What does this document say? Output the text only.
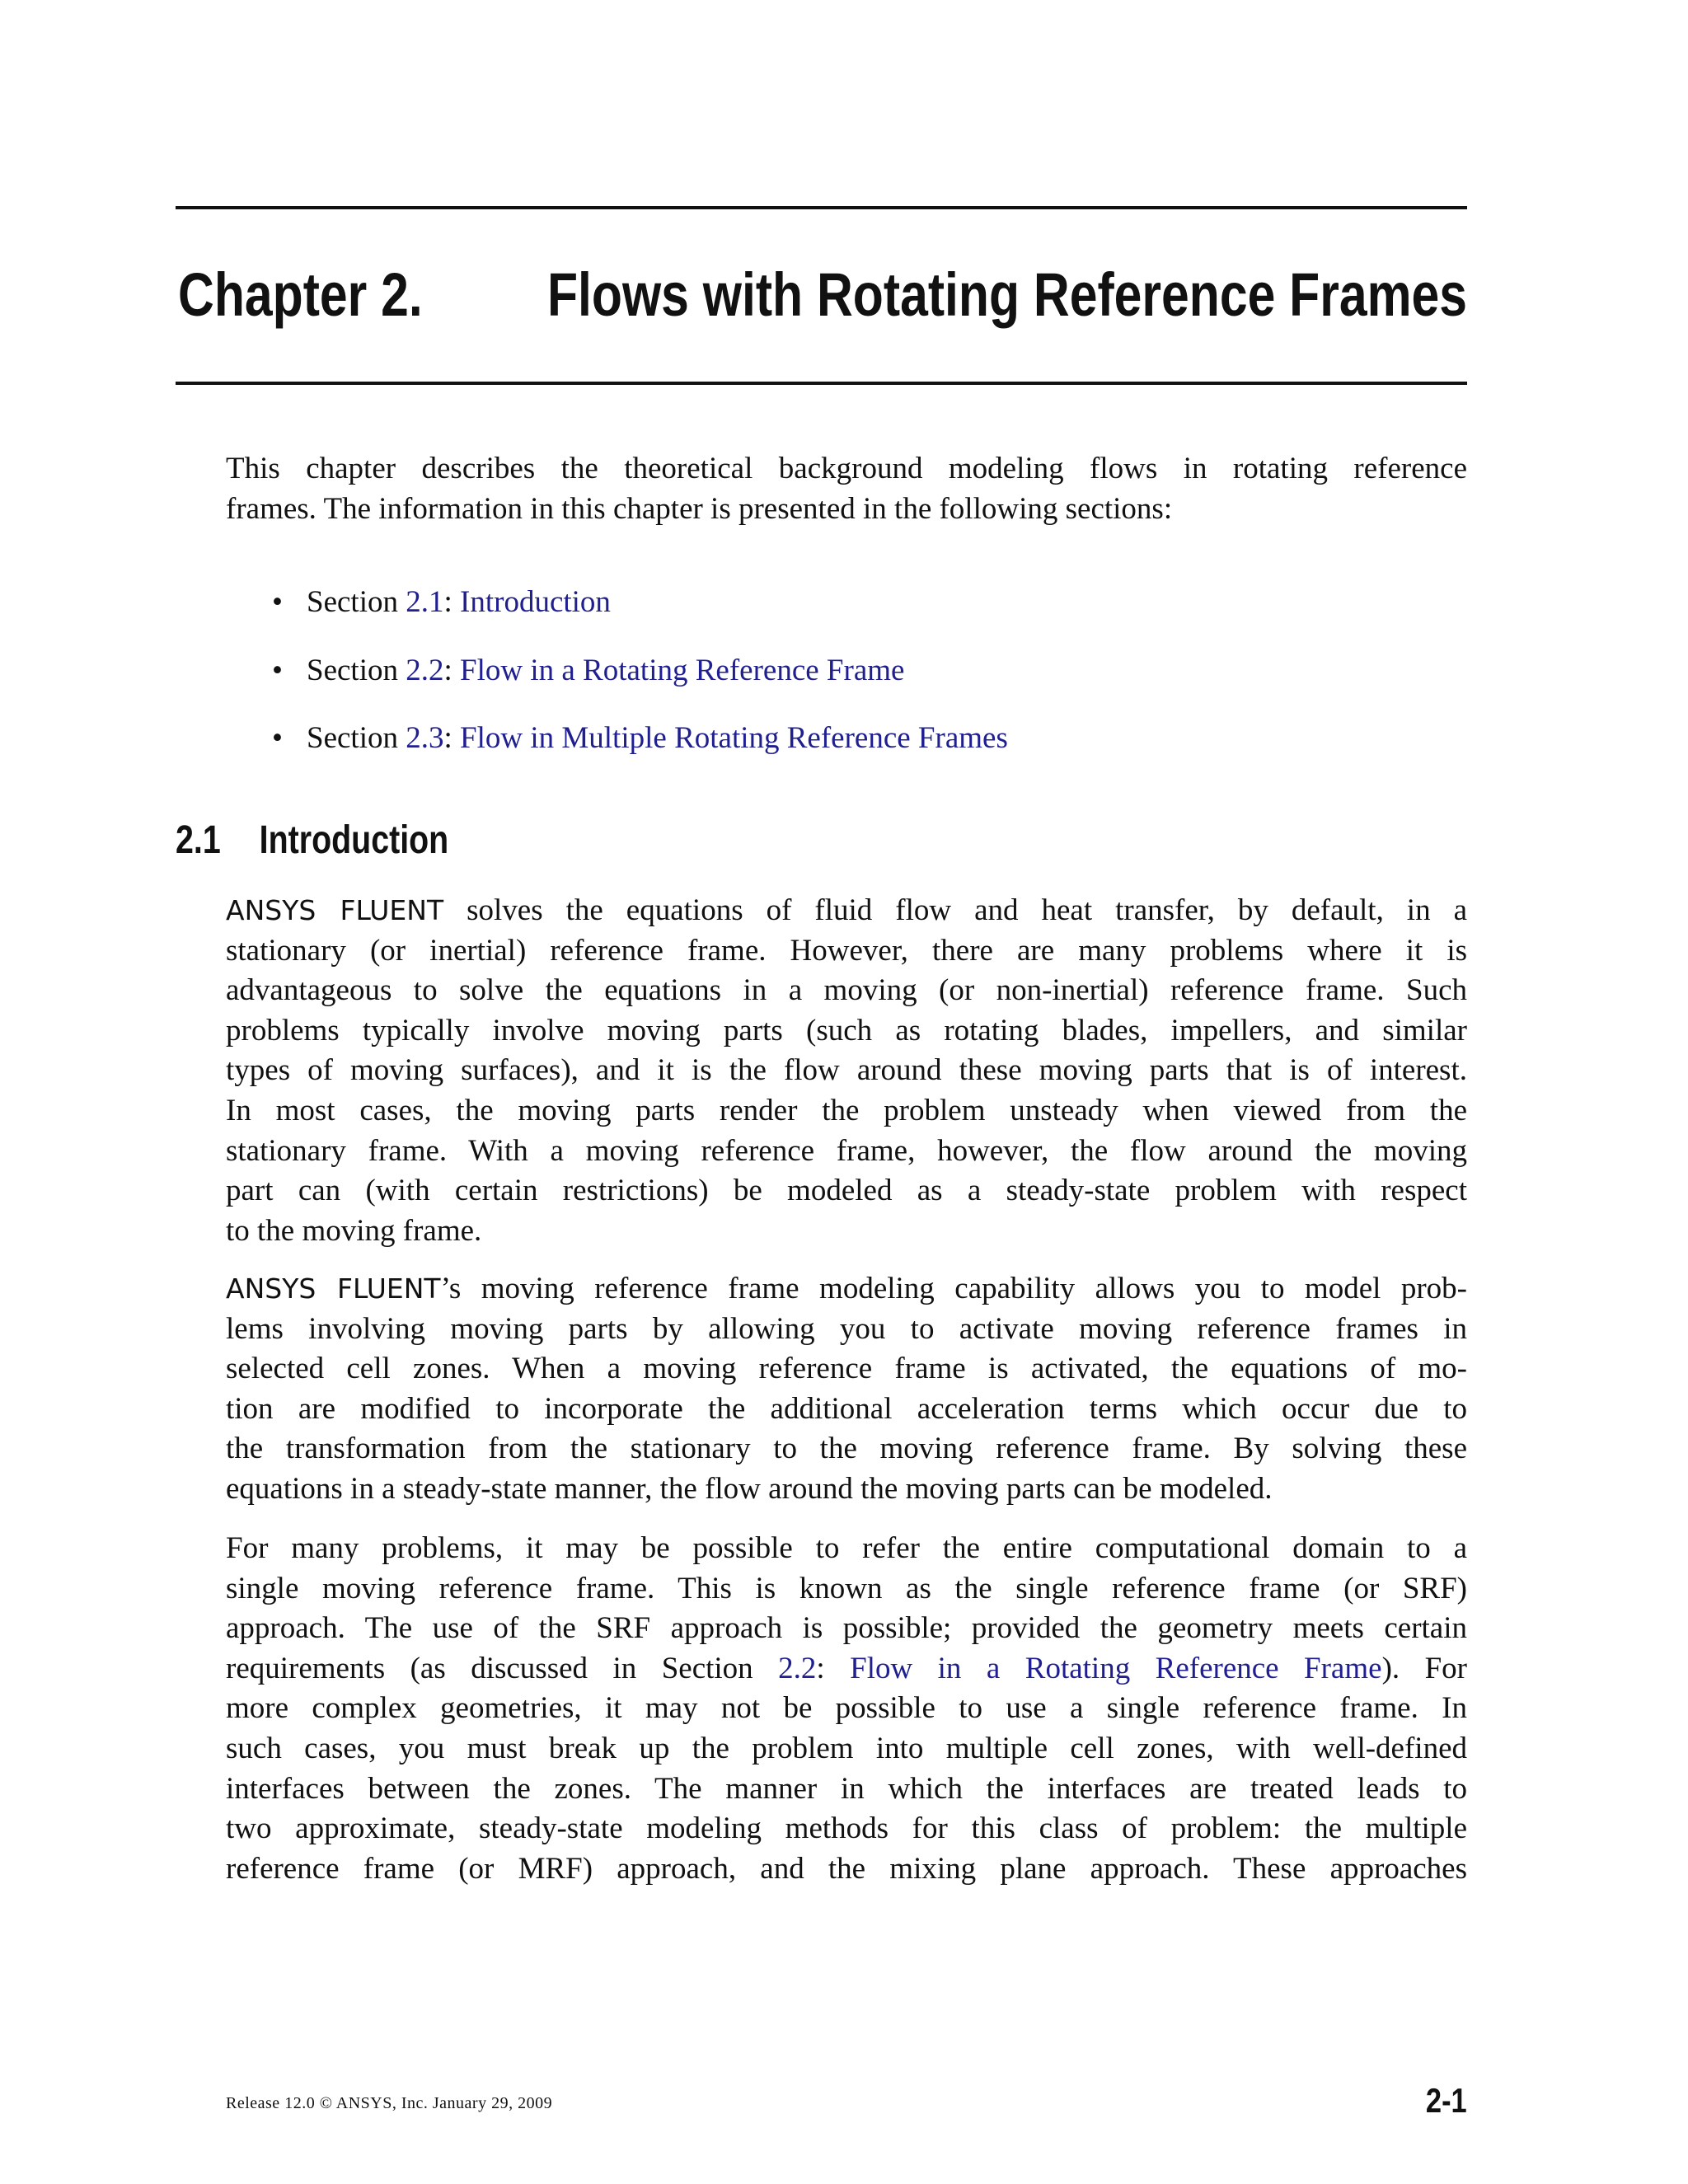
Chapter 2. Flows with Rotating Reference Frames
This chapter describes the theoretical background modeling flows in rotating reference
frames. The information in this chapter is presented in the following sections:
• Section 2.1: Introduction
• Section 2.2: Flow in a Rotating Reference Frame
• Section 2.3: Flow in Multiple Rotating Reference Frames
2.1 Introduction
ANSYS FLUENT solves the equations of fluid flow and heat transfer, by default, in a
stationary (or inertial) reference frame. However, there are many problems where it is
advantageous to solve the equations in a moving (or non-inertial) reference frame. Such
problems typically involve moving parts (such as rotating blades, impellers, and similar
types of moving surfaces), and it is the flow around these moving parts that is of interest.
In most cases, the moving parts render the problem unsteady when viewed from the
stationary frame. With a moving reference frame, however, the flow around the moving
part can (with certain restrictions) be modeled as a steady-state problem with respect
to the moving frame.
ANSYS FLUENT’s moving reference frame modeling capability allows you to model prob-
lems involving moving parts by allowing you to activate moving reference frames in
selected cell zones. When a moving reference frame is activated, the equations of mo-
tion are modified to incorporate the additional acceleration terms which occur due to
the transformation from the stationary to the moving reference frame. By solving these
equations in a steady-state manner, the flow around the moving parts can be modeled.
For many problems, it may be possible to refer the entire computational domain to a
single moving reference frame. This is known as the single reference frame (or SRF)
approach. The use of the SRF approach is possible; provided the geometry meets certain
requirements (as discussed in Section 2.2: Flow in a Rotating Reference Frame). For
more complex geometries, it may not be possible to use a single reference frame. In
such cases, you must break up the problem into multiple cell zones, with well-defined
interfaces between the zones. The manner in which the interfaces are treated leads to
two approximate, steady-state modeling methods for this class of problem: the multiple
reference frame (or MRF) approach, and the mixing plane approach. These approaches
Release 12.0 © ANSYS, Inc. January 29, 2009	2-1
